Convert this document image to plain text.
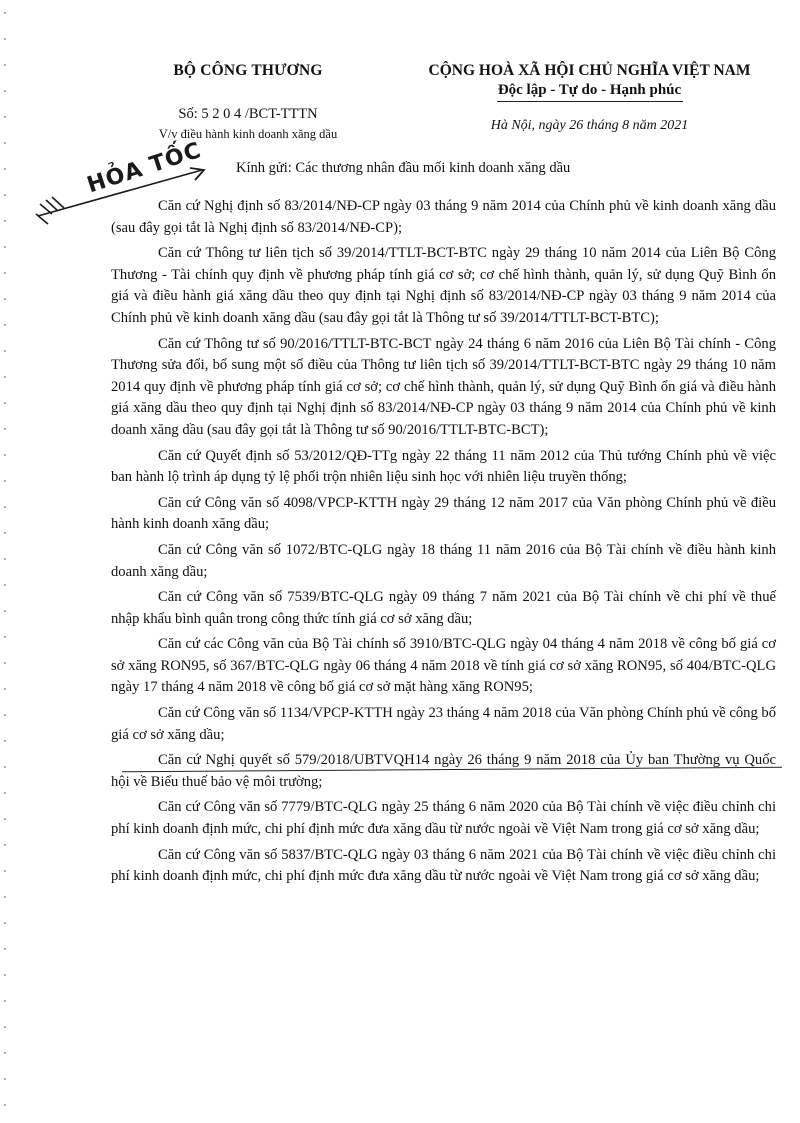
BỘ CÔNG THƯƠNG
Số: 5 2 0 4 /BCT-TTTN
V/v điều hành kinh doanh xăng dầu
CỘNG HOÀ XÃ HỘI CHỦ NGHĨA VIỆT NAM
Độc lập - Tự do - Hạnh phúc
Hà Nội, ngày 26 tháng 8 năm 2021
HỎA TỐC Kính gửi: Các thương nhân đầu mối kinh doanh xăng dầu

Căn cứ Nghị định số 83/2014/NĐ-CP ngày 03 tháng 9 năm 2014 của Chính phủ về kinh doanh xăng dầu (sau đây gọi tắt là Nghị định số 83/2014/NĐ-CP);

Căn cứ Thông tư liên tịch số 39/2014/TTLT-BCT-BTC ngày 29 tháng 10 năm 2014 của Liên Bộ Công Thương - Tài chính quy định về phương pháp tính giá cơ sở; cơ chế hình thành, quản lý, sử dụng Quỹ Bình ổn giá và điều hành giá xăng dầu theo quy định tại Nghị định số 83/2014/NĐ-CP ngày 03 tháng 9 năm 2014 của Chính phủ về kinh doanh xăng dầu (sau đây gọi tắt là Thông tư số 39/2014/TTLT-BCT-BTC);

Căn cứ Thông tư số 90/2016/TTLT-BTC-BCT ngày 24 tháng 6 năm 2016 của Liên Bộ Tài chính - Công Thương sửa đổi, bổ sung một số điều của Thông tư liên tịch số 39/2014/TTLT-BCT-BTC ngày 29 tháng 10 năm 2014 quy định về phương pháp tính giá cơ sở; cơ chế hình thành, quản lý, sử dụng Quỹ Bình ổn giá và điều hành giá xăng dầu theo quy định tại Nghị định số 83/2014/NĐ-CP ngày 03 tháng 9 năm 2014 của Chính phủ về kinh doanh xăng dầu (sau đây gọi tắt là Thông tư số 90/2016/TTLT-BTC-BCT);

Căn cứ Quyết định số 53/2012/QĐ-TTg ngày 22 tháng 11 năm 2012 của Thủ tướng Chính phủ về việc ban hành lộ trình áp dụng tỷ lệ phối trộn nhiên liệu sinh học với nhiên liệu truyền thống;

Căn cứ Công văn số 4098/VPCP-KTTH ngày 29 tháng 12 năm 2017 của Văn phòng Chính phủ về điều hành kinh doanh xăng dầu;

Căn cứ Công văn số 1072/BTC-QLG ngày 18 tháng 11 năm 2016 của Bộ Tài chính về điều hành kinh doanh xăng dầu;

Căn cứ Công văn số 7539/BTC-QLG ngày 09 tháng 7 năm 2021 của Bộ Tài chính về chi phí về thuế nhập khẩu bình quân trong công thức tính giá cơ sở xăng dầu;

Căn cứ các Công văn của Bộ Tài chính số 3910/BTC-QLG ngày 04 tháng 4 năm 2018 về công bố giá cơ sở xăng RON95, số 367/BTC-QLG ngày 06 tháng 4 năm 2018 về tính giá cơ sở xăng RON95, số 404/BTC-QLG ngày 17 tháng 4 năm 2018 về công bố giá cơ sở mặt hàng xăng RON95;

Căn cứ Công văn số 1134/VPCP-KTTH ngày 23 tháng 4 năm 2018 của Văn phòng Chính phủ về công bố giá cơ sở xăng dầu;

Căn cứ Nghị quyết số 579/2018/UBTVQH14 ngày 26 tháng 9 năm 2018 của Ủy ban Thường vụ Quốc hội về Biểu thuế bảo vệ môi trường;

Căn cứ Công văn số 7779/BTC-QLG ngày 25 tháng 6 năm 2020 của Bộ Tài chính về việc điều chỉnh chi phí kinh doanh định mức, chi phí định mức đưa xăng dầu từ nước ngoài về Việt Nam trong giá cơ sở xăng dầu;

Căn cứ Công văn số 5837/BTC-QLG ngày 03 tháng 6 năm 2021 của Bộ Tài chính về việc điều chỉnh chi phí kinh doanh định mức, chi phí định mức đưa xăng dầu từ nước ngoài về Việt Nam trong giá cơ sở xăng dầu;
